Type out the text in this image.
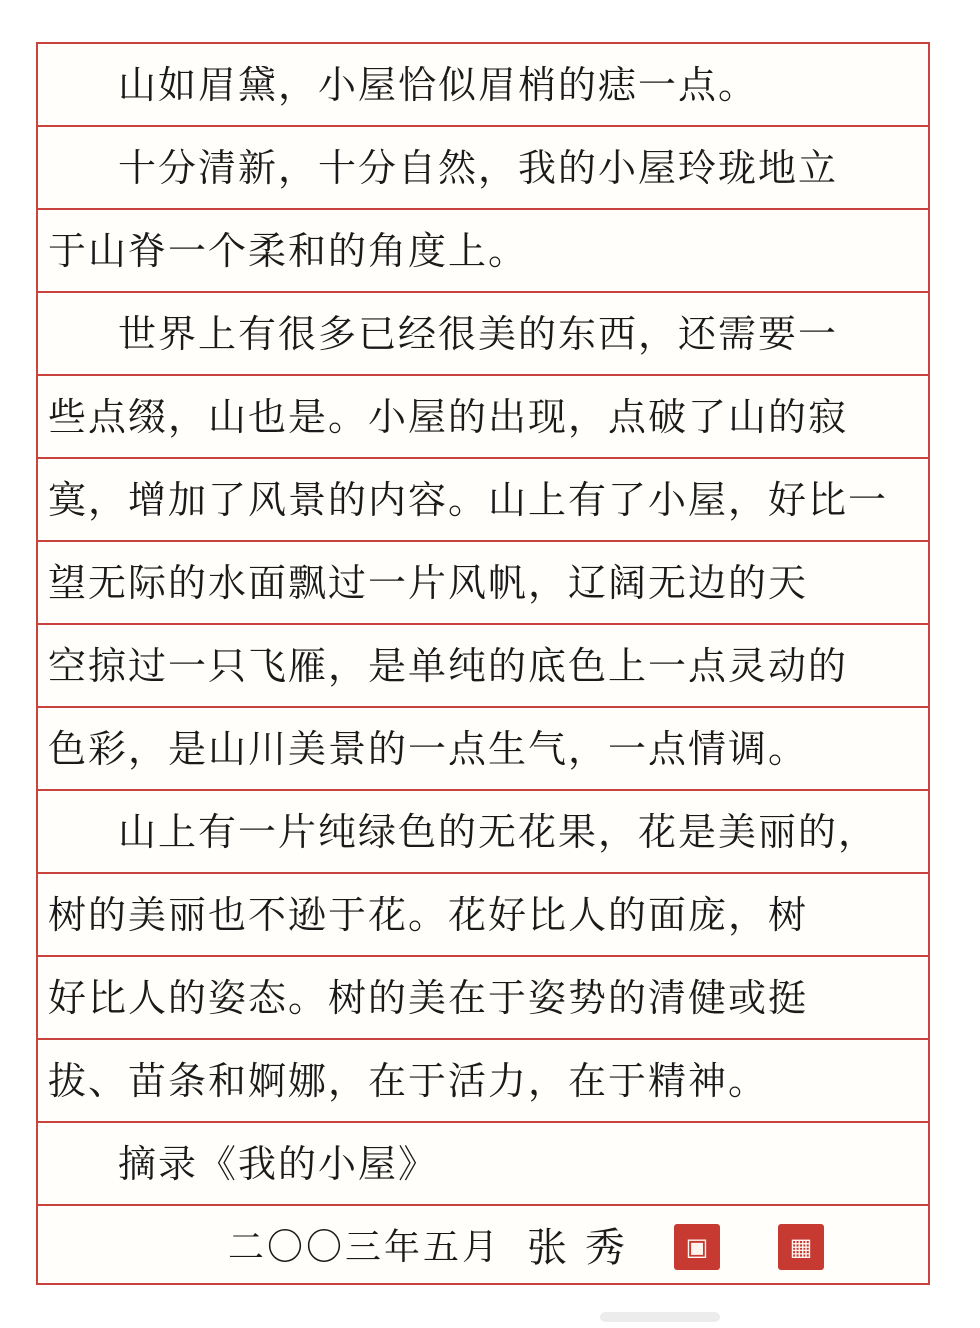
山如眉黛，小屋恰似眉梢的痣一点。
十分清新，十分自然，我的小屋玲珑地立
于山脊一个柔和的角度上。
世界上有很多已经很美的东西，还需要一
些点缀，山也是。小屋的出现，点破了山的寂
寞，增加了风景的内容。山上有了小屋，好比一
望无际的水面飘过一片风帆，辽阔无边的天
空掠过一只飞雁，是单纯的底色上一点灵动的
色彩，是山川美景的一点生气，一点情调。
山上有一片纯绿色的无花果，花是美丽的，
树的美丽也不逊于花。花好比人的面庞，树
好比人的姿态。树的美在于姿势的清健或挺
拔、苗条和婀娜，在于活力，在于精神。
摘录《我的小屋》
二〇〇三年五月 张秀	▣	▦
